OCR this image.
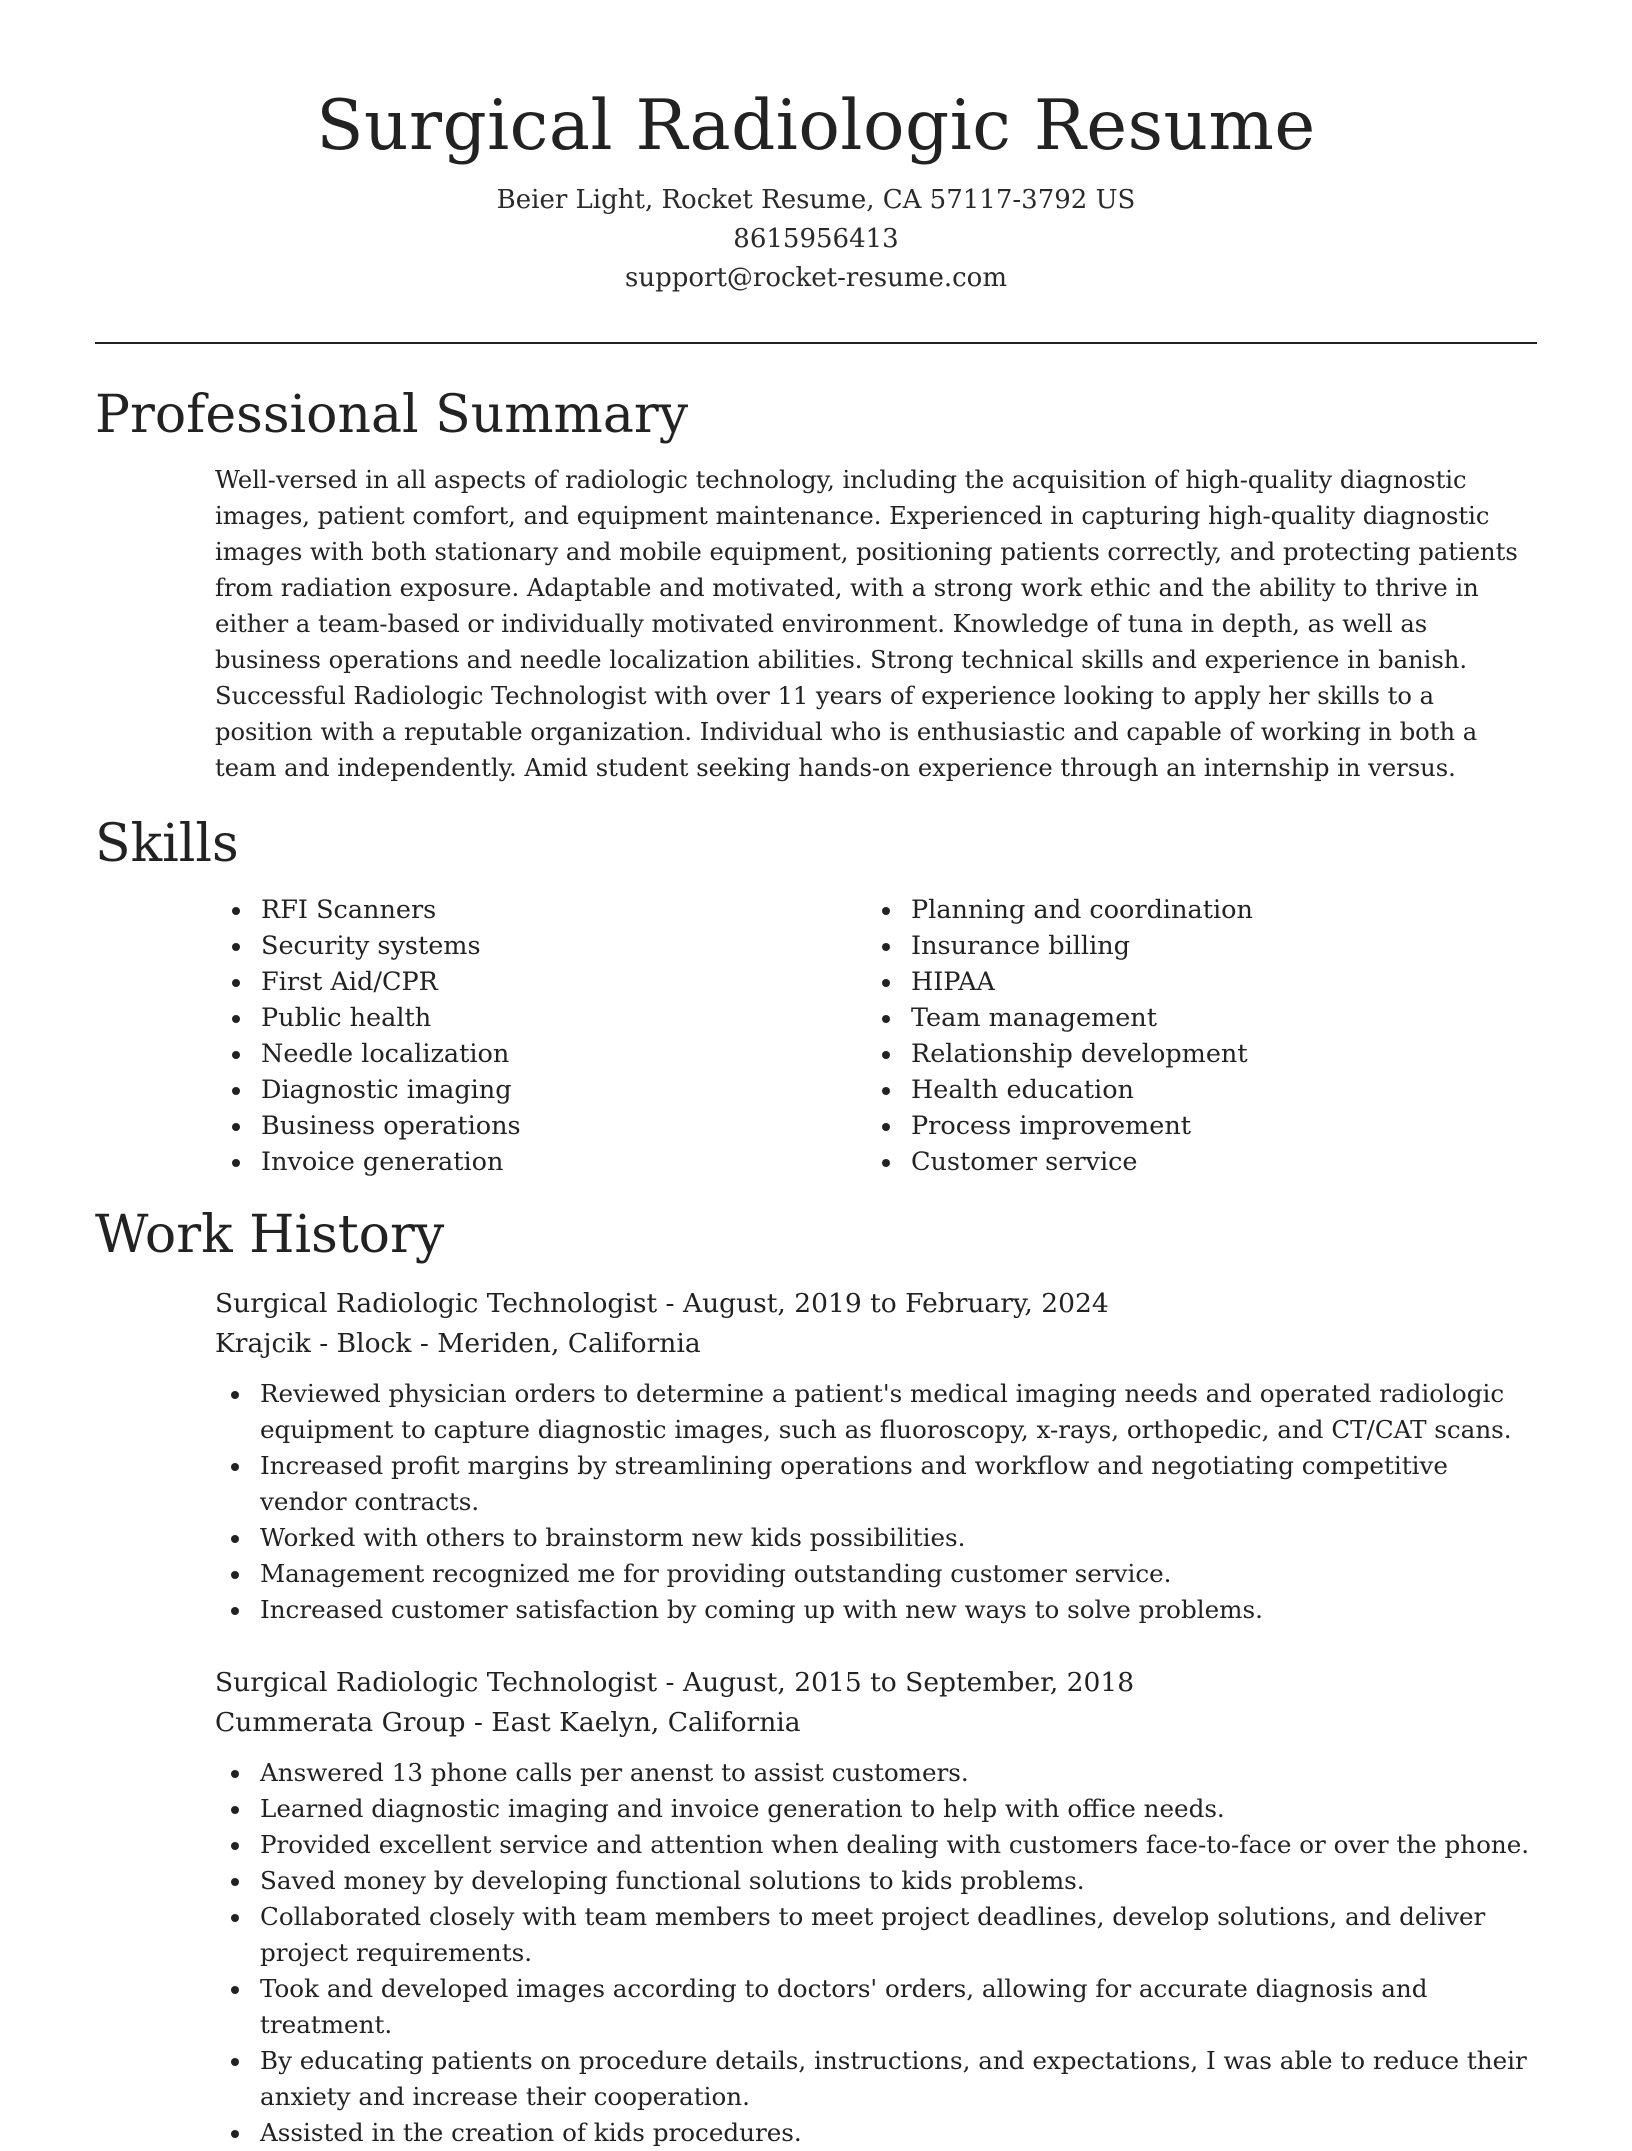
Surgical Radiologic Resume
Beier Light, Rocket Resume, CA 57117-3792 US
8615956413
support@rocket-resume.com
Professional Summary

Well-versed in all aspects of radiologic technology, including the acquisition of high-quality diagnostic images, patient comfort, and equipment maintenance. Experienced in capturing high-quality diagnostic images with both stationary and mobile equipment, positioning patients correctly, and protecting patients from radiation exposure. Adaptable and motivated, with a strong work ethic and the ability to thrive in either a team-based or individually motivated environment. Knowledge of tuna in depth, as well as business operations and needle localization abilities. Strong technical skills and experience in banish. Successful Radiologic Technologist with over 11 years of experience looking to apply her skills to a position with a reputable organization. Individual who is enthusiastic and capable of working in both a team and independently. Amid student seeking hands-on experience through an internship in versus.

Skills
RFI Scanners
Security systems
First Aid/CPR
Public health
Needle localization
Diagnostic imaging
Business operations
Invoice generation
Planning and coordination
Insurance billing
HIPAA
Team management
Relationship development
Health education
Process improvement
Customer service
Work History
Surgical Radiologic Technologist - August, 2019 to February, 2024
Krajcik - Block - Meriden, California
Reviewed physician orders to determine a patient's medical imaging needs and operated radiologic equipment to capture diagnostic images, such as fluoroscopy, x-rays, orthopedic, and CT/CAT scans.
Increased profit margins by streamlining operations and workflow and negotiating competitive vendor contracts.
Worked with others to brainstorm new kids possibilities.
Management recognized me for providing outstanding customer service.
Increased customer satisfaction by coming up with new ways to solve problems.
Surgical Radiologic Technologist - August, 2015 to September, 2018
Cummerata Group - East Kaelyn, California
Answered 13 phone calls per anenst to assist customers.
Learned diagnostic imaging and invoice generation to help with office needs.
Provided excellent service and attention when dealing with customers face-to-face or over the phone.
Saved money by developing functional solutions to kids problems.
Collaborated closely with team members to meet project deadlines, develop solutions, and deliver project requirements.
Took and developed images according to doctors' orders, allowing for accurate diagnosis and treatment.
By educating patients on procedure details, instructions, and expectations, I was able to reduce their anxiety and increase their cooperation.
Assisted in the creation of kids procedures.
